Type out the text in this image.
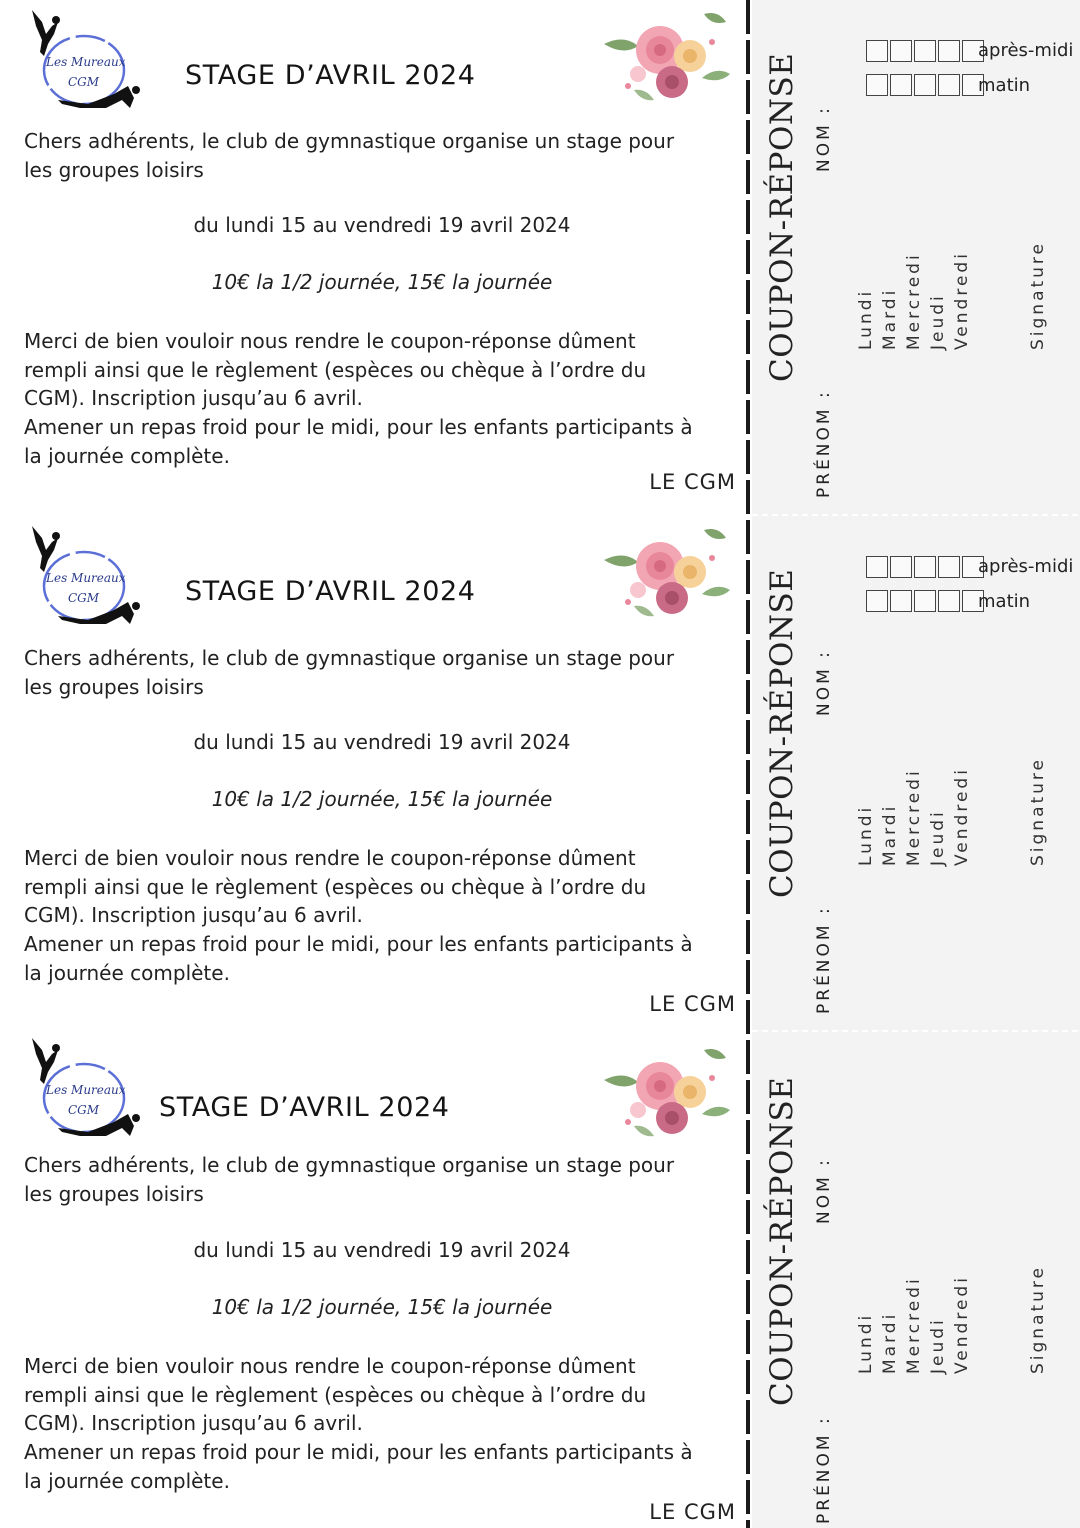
Les Mureaux
CGM	STAGE D’AVRIL 2024
Chers adhérents, le club de gymnastique organise un stage pour
les groupes loisirs
du lundi 15 au vendredi 19 avril 2024
10€ la 1/2 journée, 15€ la journée
Merci de bien vouloir nous rendre le coupon-réponse dûment
rempli ainsi que le règlement (espèces ou chèque à l’ordre du
CGM). Inscription jusqu’au 6 avril.
Amener un repas froid pour le midi, pour les enfants participants à
la journée complète.
LE CGM
Les Mureaux
CGM	STAGE D’AVRIL 2024
Chers adhérents, le club de gymnastique organise un stage pour
les groupes loisirs
du lundi 15 au vendredi 19 avril 2024
10€ la 1/2 journée, 15€ la journée
Merci de bien vouloir nous rendre le coupon-réponse dûment
rempli ainsi que le règlement (espèces ou chèque à l’ordre du
CGM). Inscription jusqu’au 6 avril.
Amener un repas froid pour le midi, pour les enfants participants à
la journée complète.
LE CGM
Les Mureaux
CGM STAGE D’AVRIL 2024
Chers adhérents, le club de gymnastique organise un stage pour
les groupes loisirs
du lundi 15 au vendredi 19 avril 2024
10€ la 1/2 journée, 15€ la journée
Merci de bien vouloir nous rendre le coupon-réponse dûment
rempli ainsi que le règlement (espèces ou chèque à l’ordre du
CGM). Inscription jusqu’au 6 avril.
Amener un repas froid pour le midi, pour les enfants participants à
la journée complète.
LE CGM
après-midi
matin
COUPON-RÉPONSE NOM :
PRÉNOM :
Lundi Mardi Mercredi Jeudi Vendredi	Signature
après-midi
matin
COUPON-RÉPONSE NOM :
PRÉNOM :
Lundi Mardi Mercredi Jeudi Vendredi	Signature
COUPON-RÉPONSE NOM :
PRÉNOM :
Lundi Mardi Mercredi Jeudi Vendredi	Signature
